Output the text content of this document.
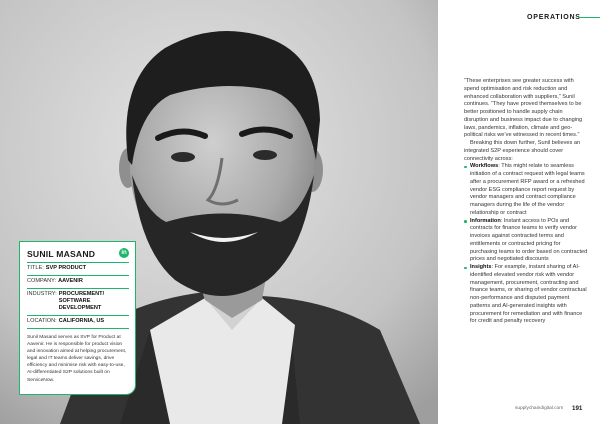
SUNIL MASAND	in
TITLE: SVP PRODUCT
COMPANY: AAVENIR
INDUSTRY: PROCUREMENT/ SOFTWARE DEVELOPMENT
LOCATION: CALIFORNIA, US
Sunil Masand serves as SVP for Product at Aavenir. He is responsible for product vision and innovation aimed at helping procurement, legal and IT teams deliver savings, drive efficiency and minimise risk with easy-to-use, AI-differentiated S2P solutions built on ServiceNow.
OPERATIONS

“These enterprises see greater success with spend optimisation and risk reduction and enhanced collaboration with suppliers,” Sunil continues. “They have proved themselves to be better positioned to handle supply chain disruption and business impact due to changing laws, pandemics, inflation, climate and geo-political risks we’ve witnessed in recent times.”

Breaking this down further, Sunil believes an integrated S2P experience should cover connectivity across:

Workflows: This might relate to seamless initiation of a contract request with legal teams after a procurement RFP award or a refreshed vendor ESG compliance report request by vendor managers and contract compliance managers during the life of the vendor relationship or contract

Information: Instant access to POs and contracts for finance teams to verify vendor invoices against contracted terms and entitlements or contracted pricing for purchasing teams to order based on contracted prices and negotiated discounts

Insights: For example, instant sharing of AI-identified elevated vendor risk with vendor management, procurement, contracting and finance teams, or sharing of vendor contractual non-performance and disputed payment patterns and AI-generated insights with procurement for remediation and with finance for credit and penalty recovery

supplychaindigital.com 191
